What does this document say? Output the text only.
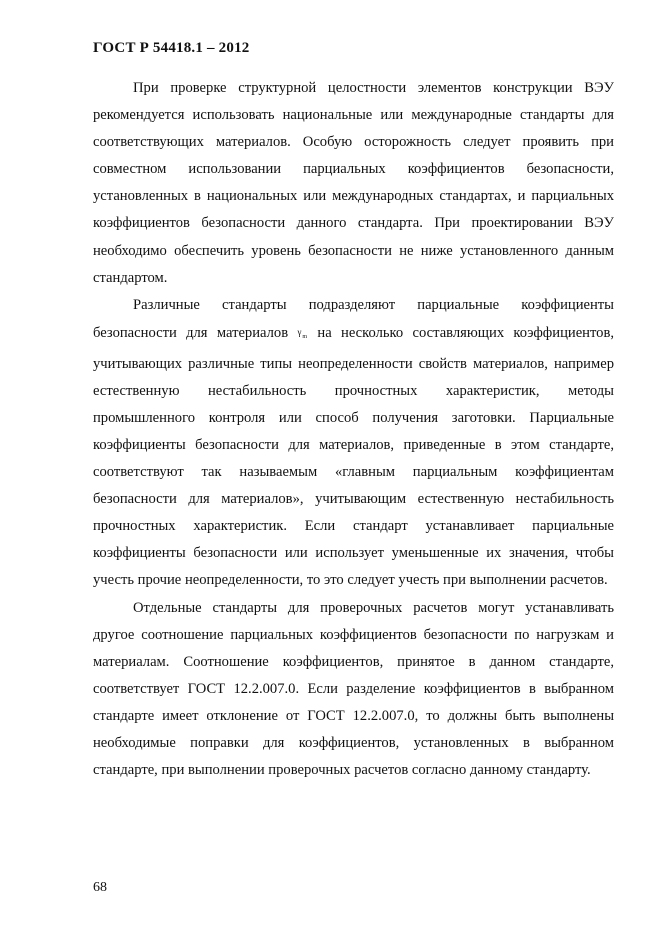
ГОСТ Р 54418.1 – 2012

При проверке структурной целостности элементов конструкции ВЭУ рекомендуется использовать национальные или международные стандарты для соответствующих материалов. Особую осторожность следует проявить при совместном использовании парциальных коэффициентов безопасности, установленных в национальных или международных стандартах, и парциальных коэффициентов безопасности данного стандарта. При проектировании ВЭУ необходимо обеспечить уровень безопасности не ниже установленного данным стандартом.

Различные стандарты подразделяют парциальные коэффициенты безопасности для материалов $\gamma_m$ на несколько составляющих коэффициентов, учитывающих различные типы неопределенности свойств материалов, например естественную нестабильность прочностных характеристик, методы промышленного контроля или способ получения заготовки. Парциальные коэффициенты безопасности для материалов, приведенные в этом стандарте, соответствуют так называемым «главным парциальным коэффициентам безопасности для материалов», учитывающим естественную нестабильность прочностных характеристик. Если стандарт устанавливает парциальные коэффициенты безопасности или использует уменьшенные их значения, чтобы учесть прочие неопределенности, то это следует учесть при выполнении расчетов.

Отдельные стандарты для проверочных расчетов могут устанавливать другое соотношение парциальных коэффициентов безопасности по нагрузкам и материалам. Соотношение коэффициентов, принятое в данном стандарте, соответствует ГОСТ 12.2.007.0. Если разделение коэффициентов в выбранном стандарте имеет отклонение от ГОСТ 12.2.007.0, то должны быть выполнены необходимые поправки для коэффициентов, установленных в выбранном стандарте, при выполнении проверочных расчетов согласно данному стандарту.

68
